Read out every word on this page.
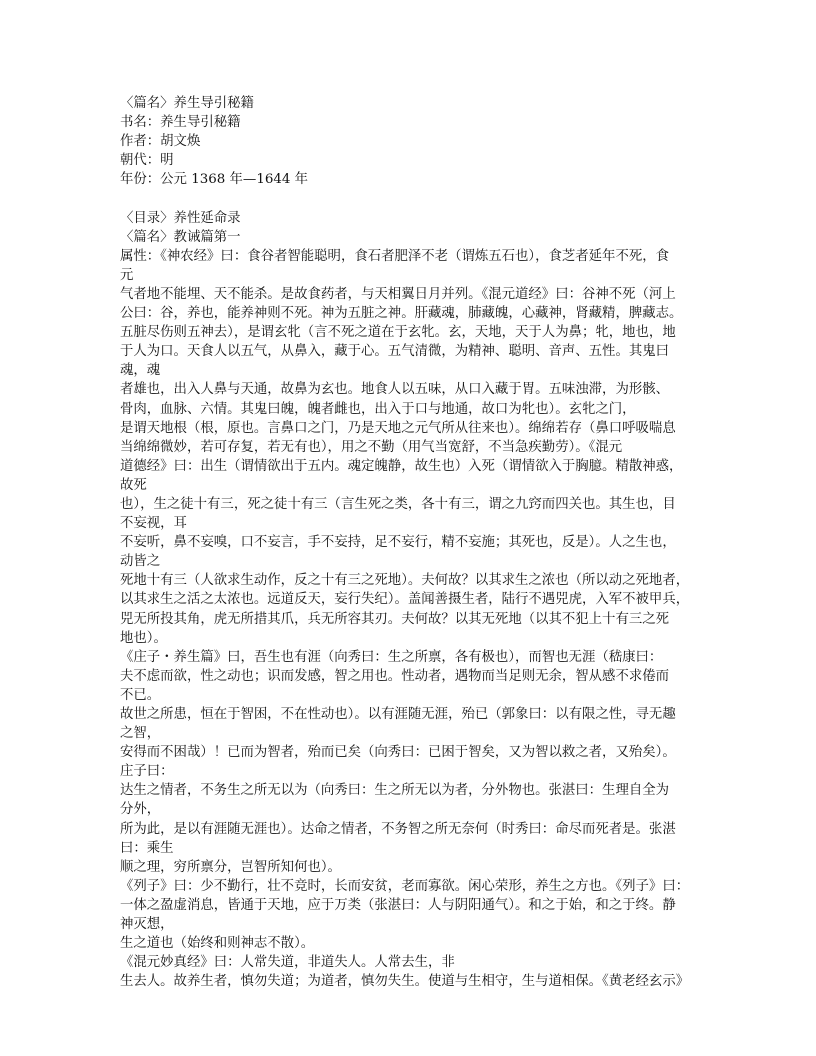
〈篇名〉养生导引秘籍
书名：养生导引秘籍
作者：胡文焕
朝代：明
年份：公元 1368 年—1644 年
〈目录〉养性延命录
〈篇名〉教诫篇第一
属性：《神农经》曰：食谷者智能聪明，食石者肥泽不老（谓炼五石也），食芝者延年不死，食
元
气者地不能埋、天不能杀。是故食药者，与天相翼日月并列。《混元道经》曰：谷神不死（河上
公曰：谷，养也，能养神则不死。神为五脏之神。肝藏魂，肺藏魄，心藏神，肾藏精，脾藏志。
五脏尽伤则五神去），是谓玄牝（言不死之道在于玄牝。玄，天地，天于人为鼻；牝，地也，地
于人为口。天食人以五气，从鼻入，藏于心。五气清微，为精神、聪明、音声、五性。其鬼曰
魂，魂
者雄也，出入人鼻与天通，故鼻为玄也。地食人以五味，从口入藏于胃。五味浊滞，为形骸、
骨肉，血脉、六情。其鬼曰魄，魄者雌也，出入于口与地通，故口为牝也）。玄牝之门，
是谓天地根（根，原也。言鼻口之门，乃是天地之元气所从往来也）。绵绵若存（鼻口呼吸喘息
当绵绵微妙，若可存复，若无有也），用之不勤（用气当宽舒，不当急疾勤劳）。《混元
道德经》曰：出生（谓情欲出于五内。魂定魄静，故生也）入死（谓情欲入于胸臆。精散神惑，
故死
也），生之徒十有三，死之徒十有三（言生死之类，各十有三，谓之九窍而四关也。其生也，目
不妄视，耳
不妄听，鼻不妄嗅，口不妄言，手不妄持，足不妄行，精不妄施；其死也，反是）。人之生也，
动皆之
死地十有三（人欲求生动作，反之十有三之死地）。夫何故？以其求生之浓也（所以动之死地者，
以其求生之活之太浓也。远道反天，妄行失纪）。盖闻善摄生者，陆行不遇兕虎，入军不被甲兵，
兕无所投其角，虎无所措其爪，兵无所容其刃。夫何故？以其无死地（以其不犯上十有三之死
地也）。
《庄子・养生篇》曰，吾生也有涯（向秀曰：生之所禀，各有极也），而智也无涯（嵇康曰：
夫不虑而欲，性之动也；识而发感，智之用也。性动者，遇物而当足则无余，智从感不求倦而
不已。
故世之所患，恒在于智困，不在性动也）。以有涯随无涯，殆已（郭象曰：以有限之性，寻无趣
之智，
安得而不困哉）！已而为智者，殆而已矣（向秀曰：已困于智矣，又为智以救之者，又殆矣）。
庄子曰：
达生之情者，不务生之所无以为（向秀曰：生之所无以为者，分外物也。张湛曰：生理自全为
分外，
所为此，是以有涯随无涯也）。达命之情者，不务智之所无奈何（时秀曰：命尽而死者是。张湛
曰：乘生
顺之理，穷所禀分，岂智所知何也）。
《列子》曰：少不勤行，壮不竞时，长而安贫，老而寡欲。闲心荣形，养生之方也。《列子》曰：
一体之盈虚消息，皆通于天地，应于万类（张湛曰：人与阴阳通气）。和之于始，和之于终。静
神灭想，
生之道也（始终和则神志不散）。
《混元妙真经》曰：人常失道，非道失人。人常去生，非
生去人。故养生者，慎勿失道；为道者，慎勿失生。使道与生相守，生与道相保。《黄老经玄示》
